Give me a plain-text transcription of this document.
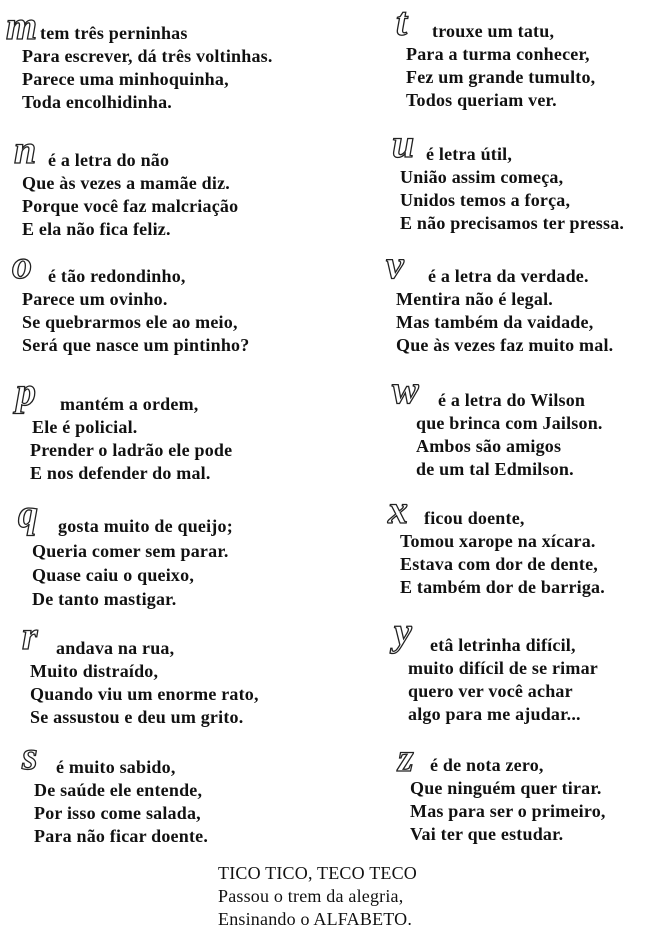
m tem três perninhas
Para escrever, dá três voltinhas.
Parece uma minhoquinha,
Toda encolhidinha.
n é a letra do não
Que às vezes a mamãe diz.
Porque você faz malcriação
E ela não fica feliz.
o é tão redondinho,
Parece um ovinho.
Se quebrarmos ele ao meio,
Será que nasce um pintinho?
p mantém a ordem,
Ele é policial.
Prender o ladrão ele pode
E nos defender do mal.
q gosta muito de queijo;
Queria comer sem parar.
Quase caiu o queixo,
De tanto mastigar.
r andava na rua,
Muito distraído,
Quando viu um enorme rato,
Se assustou e deu um grito.
s é muito sabido,
De saúde ele entende,
Por isso come salada,
Para não ficar doente.
t trouxe um tatu,
Para a turma conhecer,
Fez um grande tumulto,
Todos queriam ver.
u é letra útil,
União assim começa,
Unidos temos a força,
E não precisamos ter pressa.
v é a letra da verdade.
Mentira não é legal.
Mas também da vaidade,
Que às vezes faz muito mal.
w é a letra do Wilson
que brinca com Jailson.
Ambos são amigos
de um tal Edmilson.
x ficou doente,
Tomou xarope na xícara.
Estava com dor de dente,
E também dor de barriga.
y etâ letrinha difícil,
muito difícil de se rimar
quero ver você achar
algo para me ajudar...
z é de nota zero,
Que ninguém quer tirar.
Mas para ser o primeiro,
Vai ter que estudar.
TICO TICO, TECO TECO
Passou o trem da alegria,
Ensinando o ALFABETO.
